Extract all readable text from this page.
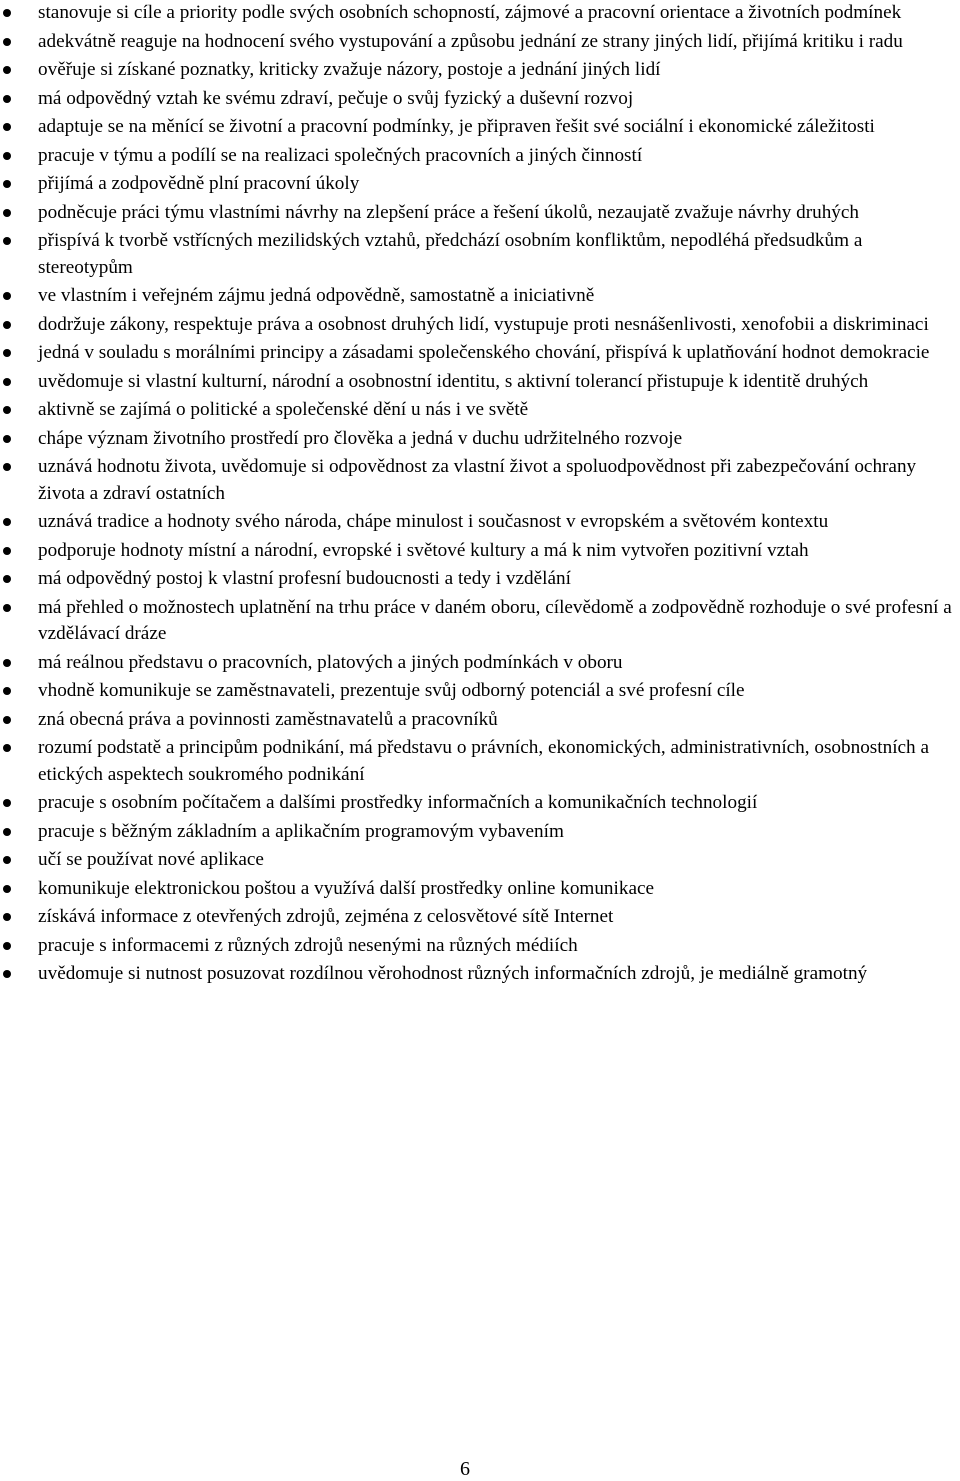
stanovuje si cíle a priority podle svých osobních schopností, zájmové a pracovní orientace a životních podmínek
adekvátně reaguje na hodnocení svého vystupování a způsobu jednání ze strany jiných lidí, přijímá kritiku i radu
ověřuje si získané poznatky, kriticky zvažuje názory, postoje a jednání jiných lidí
má odpovědný vztah ke svému zdraví, pečuje o svůj fyzický a duševní rozvoj
adaptuje se na měnící se životní a pracovní podmínky, je připraven řešit své sociální i ekonomické záležitosti
pracuje v týmu a podílí se na realizaci společných pracovních a jiných činností
přijímá a zodpovědně plní pracovní úkoly
podněcuje práci týmu vlastními návrhy na zlepšení práce a řešení úkolů, nezaujatě zvažuje návrhy druhých
přispívá k tvorbě vstřícných mezilidských vztahů, předchází osobním konfliktům, nepodléhá předsudkům a stereotypům
ve vlastním i veřejném zájmu jedná odpovědně, samostatně a iniciativně
dodržuje zákony, respektuje práva a osobnost druhých lidí, vystupuje proti nesnášenlivosti, xenofobii a diskriminaci
jedná v souladu s morálními principy a zásadami společenského chování, přispívá k uplatňování hodnot demokracie
uvědomuje si vlastní kulturní, národní a osobnostní identitu, s aktivní tolerancí přistupuje k identitě druhých
aktivně se zajímá o politické a společenské dění u nás i ve světě
chápe význam životního prostředí pro člověka a jedná v duchu udržitelného rozvoje
uznává hodnotu života, uvědomuje si odpovědnost za vlastní život a spoluodpovědnost při zabezpečování ochrany života a zdraví ostatních
uznává tradice a hodnoty svého národa, chápe minulost i současnost v evropském a světovém kontextu
podporuje hodnoty místní a národní, evropské i světové kultury a má k nim vytvořen pozitivní vztah
má odpovědný postoj k vlastní profesní budoucnosti a tedy i vzdělání
má přehled o možnostech uplatnění na trhu práce v daném oboru, cílevědomě a zodpovědně rozhoduje o své profesní a vzdělávací dráze
má reálnou představu o pracovních, platových a jiných podmínkách v oboru
vhodně komunikuje se zaměstnavateli, prezentuje svůj odborný potenciál a své profesní cíle
zná obecná práva a povinnosti zaměstnavatelů a pracovníků
rozumí podstatě a principům podnikání, má představu o právních, ekonomických, administrativních, osobnostních a etických aspektech soukromého podnikání
pracuje s osobním počítačem a dalšími prostředky informačních a komunikačních technologií
pracuje s běžným základním a aplikačním programovým vybavením
učí se používat nové aplikace
komunikuje elektronickou poštou a využívá další prostředky online komunikace
získává informace z otevřených zdrojů, zejména z celosvětové sítě Internet
pracuje s informacemi z různých zdrojů nesenými na různých médiích
uvědomuje si nutnost posuzovat rozdílnou věrohodnost různých informačních zdrojů, je mediálně gramotný
6
